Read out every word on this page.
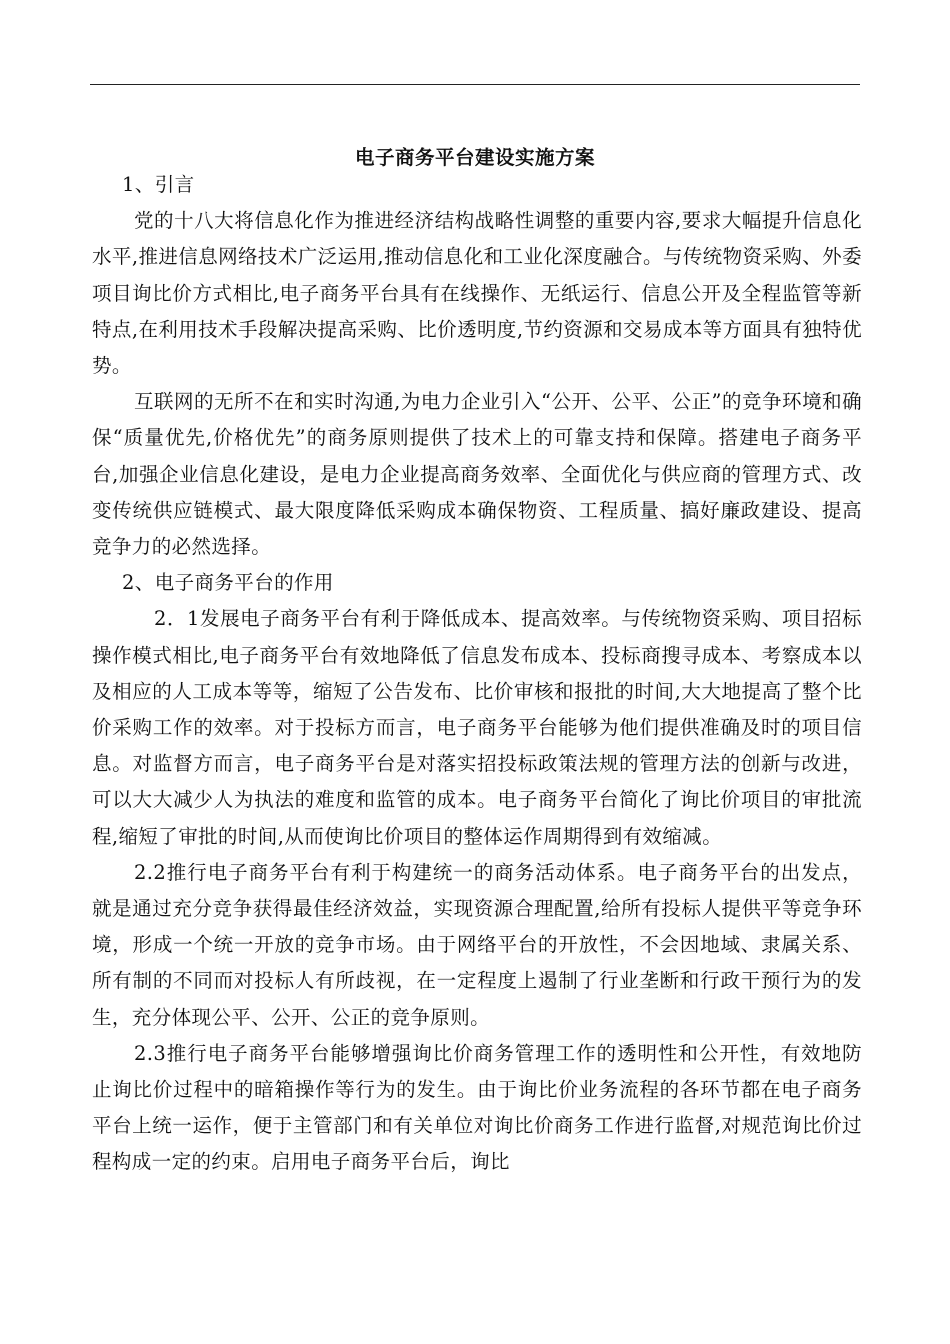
电子商务平台建设实施方案

1、引言

党的十八大将信息化作为推进经济结构战略性调整的重要内容,要求大幅提升信息化水平,推进信息网络技术广泛运用,推动信息化和工业化深度融合。与传统物资采购、外委项目询比价方式相比,电子商务平台具有在线操作、无纸运行、信息公开及全程监管等新特点,在利用技术手段解决提高采购、比价透明度,节约资源和交易成本等方面具有独特优势。

互联网的无所不在和实时沟通,为电力企业引入“公开、公平、公正”的竞争环境和确保“质量优先,价格优先”的商务原则提供了技术上的可靠支持和保障。搭建电子商务平台,加强企业信息化建设，是电力企业提高商务效率、全面优化与供应商的管理方式、改变传统供应链模式、最大限度降低采购成本确保物资、工程质量、搞好廉政建设、提高竞争力的必然选择。

2、电子商务平台的作用

2．1发展电子商务平台有利于降低成本、提高效率。与传统物资采购、项目招标操作模式相比,电子商务平台有效地降低了信息发布成本、投标商搜寻成本、考察成本以及相应的人工成本等等，缩短了公告发布、比价审核和报批的时间,大大地提高了整个比价采购工作的效率。对于投标方而言，电子商务平台能够为他们提供准确及时的项目信息。对监督方而言，电子商务平台是对落实招投标政策法规的管理方法的创新与改进，可以大大减少人为执法的难度和监管的成本。电子商务平台简化了询比价项目的审批流程,缩短了审批的时间,从而使询比价项目的整体运作周期得到有效缩减。

2.2推行电子商务平台有利于构建统一的商务活动体系。电子商务平台的出发点，就是通过充分竞争获得最佳经济效益，实现资源合理配置,给所有投标人提供平等竞争环境，形成一个统一开放的竞争市场。由于网络平台的开放性，不会因地域、隶属关系、所有制的不同而对投标人有所歧视，在一定程度上遏制了行业垄断和行政干预行为的发生，充分体现公平、公开、公正的竞争原则。

2.3推行电子商务平台能够增强询比价商务管理工作的透明性和公开性，有效地防止询比价过程中的暗箱操作等行为的发生。由于询比价业务流程的各环节都在电子商务平台上统一运作，便于主管部门和有关单位对询比价商务工作进行监督,对规范询比价过程构成一定的约束。启用电子商务平台后，询比
